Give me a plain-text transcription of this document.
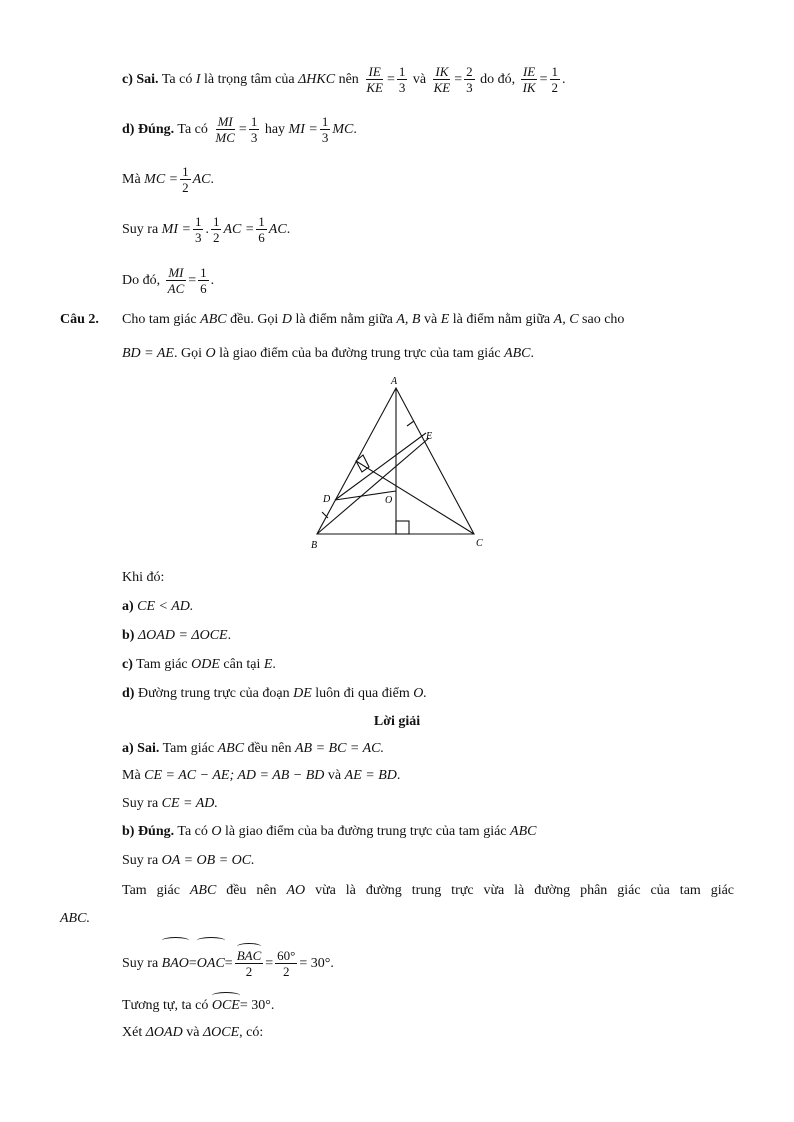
c) Sai. Ta có I là trọng tâm của ΔHKC nên $\frac{IE}{KE} = \frac{1}{3}$ và $\frac{IK}{KE} = \frac{2}{3}$ do đó, $\frac{IE}{IK} = \frac{1}{2}$ .
d) Đúng. Ta có $\frac{MI}{MC} = \frac{1}{3}$ hay MI = $\frac{1}{3}$ MC.
Mà MC = $\frac{1}{2}$ AC.
Suy ra MI = $\frac{1}{3}$ . $\frac{1}{2}$ AC = $\frac{1}{6}$ AC.
Do đó, $\frac{MI}{AC} = \frac{1}{6}$ .
Câu 2. Cho tam giác ABC đều. Gọi D là điểm nằm giữa A, B và E là điểm nằm giữa A, C sao cho
BD = AE. Gọi O là giao điểm của ba đường trung trực của tam giác ABC.
A
E
D	O
B	C
Khi đó:
a) CE < AD.
b) ΔOAD = ΔOCE.
c) Tam giác ODE cân tại E.
d) Đường trung trực của đoạn DE luôn đi qua điểm O.
Lời giải
a) Sai. Tam giác ABC đều nên AB = BC = AC.
Mà CE = AC − AE; AD = AB − BD và AE = BD.
Suy ra CE = AD.
b) Đúng. Ta có O là giao điểm của ba đường trung trực của tam giác ABC
Suy ra OA = OB = OC.
Tam giác ABC đều nên AO vừa là đường trung trực vừa là đường phân giác của tam giác
ABC.
Suy ra $BAO=OAC= \frac{\text{BAC}}{2} = \frac{60^\circ}{2} = 30^\circ$.
Tương tự, ta có OCE= 30°.
Xét ΔOAD và ΔOCE, có:
